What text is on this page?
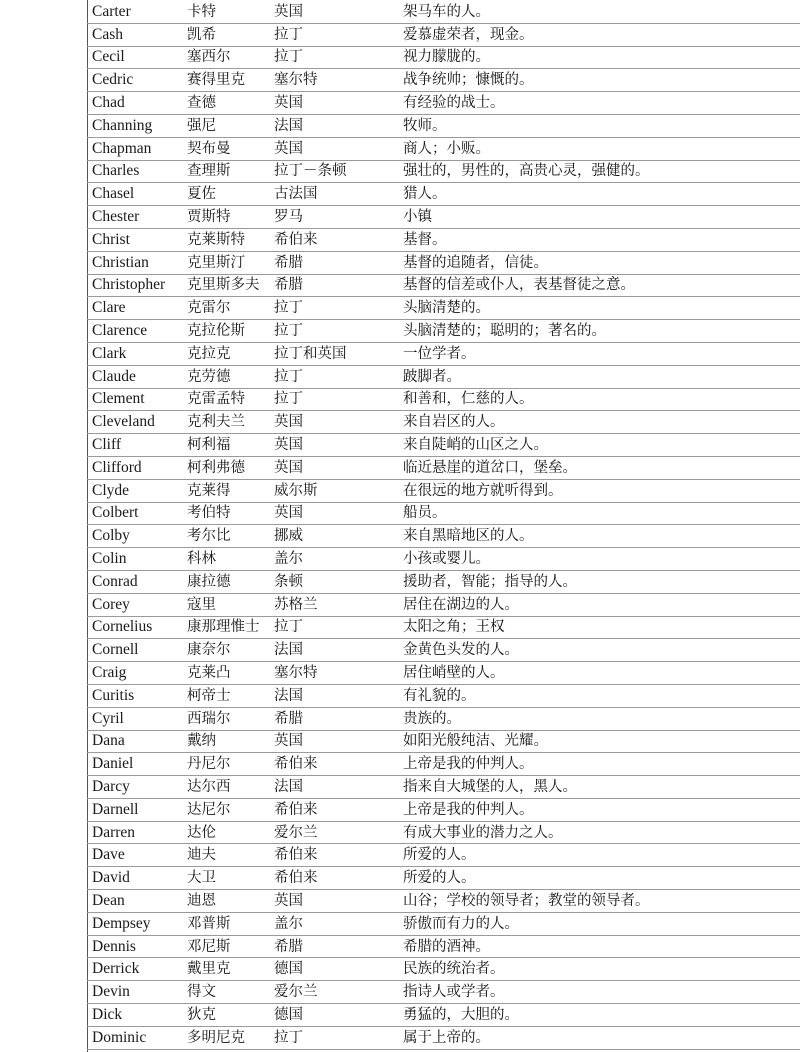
Carter	卡特	英国	架马车的人。
Cash	凯希	拉丁	爱慕虚荣者，现金。
Cecil	塞西尔	拉丁	视力朦胧的。
Cedric	赛得里克	塞尔特	战争统帅；慷慨的。
Chad	查德	英国	有经验的战士。
Channing	强尼	法国	牧师。
Chapman	契布曼	英国	商人；小贩。
Charles	查理斯	拉丁－条顿	强壮的，男性的，高贵心灵，强健的。
Chasel	夏佐	古法国	猎人。
Chester	贾斯特	罗马	小镇
Christ	克莱斯特	希伯来	基督。
Christian	克里斯汀	希腊	基督的追随者，信徒。
Christopher	克里斯多夫	希腊	基督的信差或仆人，表基督徒之意。
Clare	克雷尔	拉丁	头脑清楚的。
Clarence	克拉伦斯	拉丁	头脑清楚的；聪明的；著名的。
Clark	克拉克	拉丁和英国	一位学者。
Claude	克劳德	拉丁	跛脚者。
Clement	克雷孟特	拉丁	和善和，仁慈的人。
Cleveland	克利夫兰	英国	来自岩区的人。
Cliff	柯利福	英国	来自陡峭的山区之人。
Clifford	柯利弗德	英国	临近悬崖的道岔口，堡垒。
Clyde	克莱得	威尔斯	在很远的地方就听得到。
Colbert	考伯特	英国	船员。
Colby	考尔比	挪威	来自黑暗地区的人。
Colin	科林	盖尔	小孩或婴儿。
Conrad	康拉德	条顿	援助者，智能；指导的人。
Corey	寇里	苏格兰	居住在湖边的人。
Cornelius	康那理惟士	拉丁	太阳之角；王权
Cornell	康奈尔	法国	金黄色头发的人。
Craig	克莱凸	塞尔特	居住峭壁的人。
Curitis	柯帝士	法国	有礼貌的。
Cyril	西瑞尔	希腊	贵族的。
Dana	戴纳	英国	如阳光般纯洁、光耀。
Daniel	丹尼尔	希伯来	上帝是我的仲判人。
Darcy	达尔西	法国	指来自大城堡的人，黑人。
Darnell	达尼尔	希伯来	上帝是我的仲判人。
Darren	达伦	爱尔兰	有成大事业的潜力之人。
Dave	迪夫	希伯来	所爱的人。
David	大卫	希伯来	所爱的人。
Dean	迪恩	英国	山谷；学校的领导者；教堂的领导者。
Dempsey	邓普斯	盖尔	骄傲而有力的人。
Dennis	邓尼斯	希腊	希腊的酒神。
Derrick	戴里克	德国	民族的统治者。
Devin	得文	爱尔兰	指诗人或学者。
Dick	狄克	德国	勇猛的，大胆的。
Dominic	多明尼克	拉丁	属于上帝的。
